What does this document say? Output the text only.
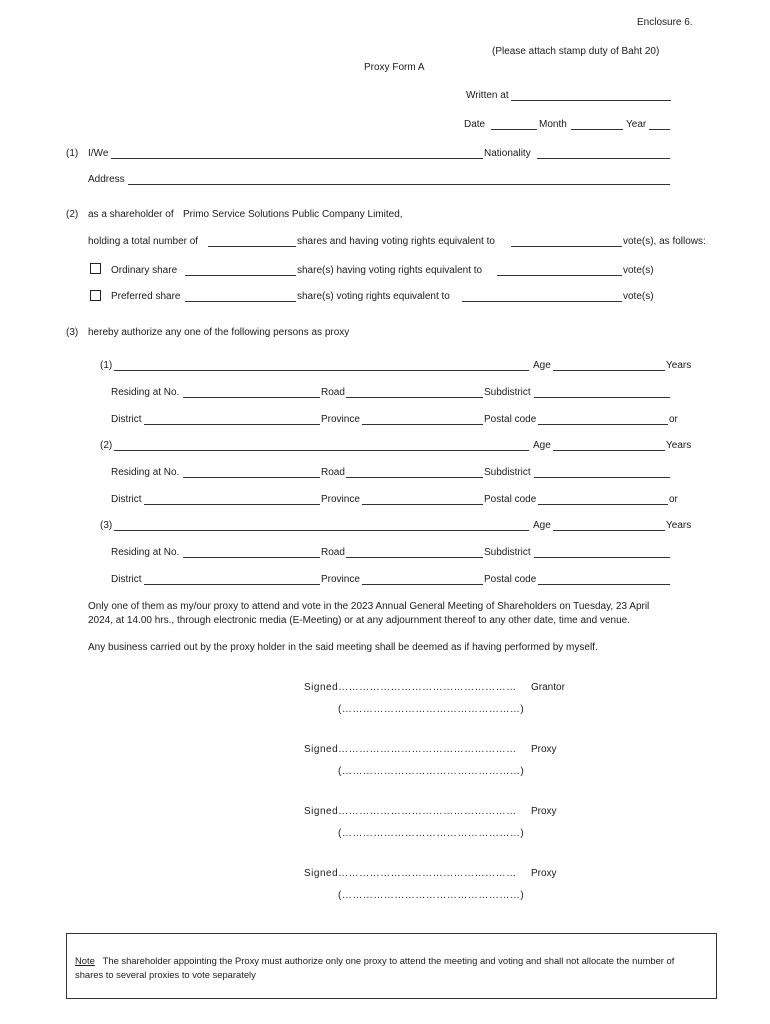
Enclosure 6.
(Please attach stamp duty of Baht 20)
Proxy Form A
Written at
Date	Month	Year
(1) I/We	Nationality
Address
(2) as a shareholder of Primo Service Solutions Public Company Limited,
holding a total number of	shares and having voting rights equivalent to	vote(s), as follows:
Ordinary share	share(s) having voting rights equivalent to	vote(s)
Preferred share	share(s) voting rights equivalent to	vote(s)
(3) hereby authorize any one of the following persons as proxy
(1)	Age	Years
Residing at No.	Road	Subdistrict
District	Province	Postal code	or
(2)	Age	Years
Residing at No.	Road	Subdistrict
District	Province	Postal code	or
(3)	Age	Years
Residing at No.	Road	Subdistrict
District	Province	Postal code
Only one of them as my/our proxy to attend and vote in the 2023 Annual General Meeting of Shareholders on Tuesday, 23 April
2024, at 14.00 hrs., through electronic media (E-Meeting) or at any adjournment thereof to any other date, time and venue.
Any business carried out by the proxy holder in the said meeting shall be deemed as if having performed by myself.
Signed…………………………………………… Grantor
(……………………………………………)
Signed…………………………………………… Proxy
(……………………………………………)
Signed…………………………………………… Proxy
(……………………………………………)
Signed…………………………………………… Proxy
(……………………………………………)
Note The shareholder appointing the Proxy must authorize only one proxy to attend the meeting and voting and shall not allocate the number of shares to several proxies to vote separately
